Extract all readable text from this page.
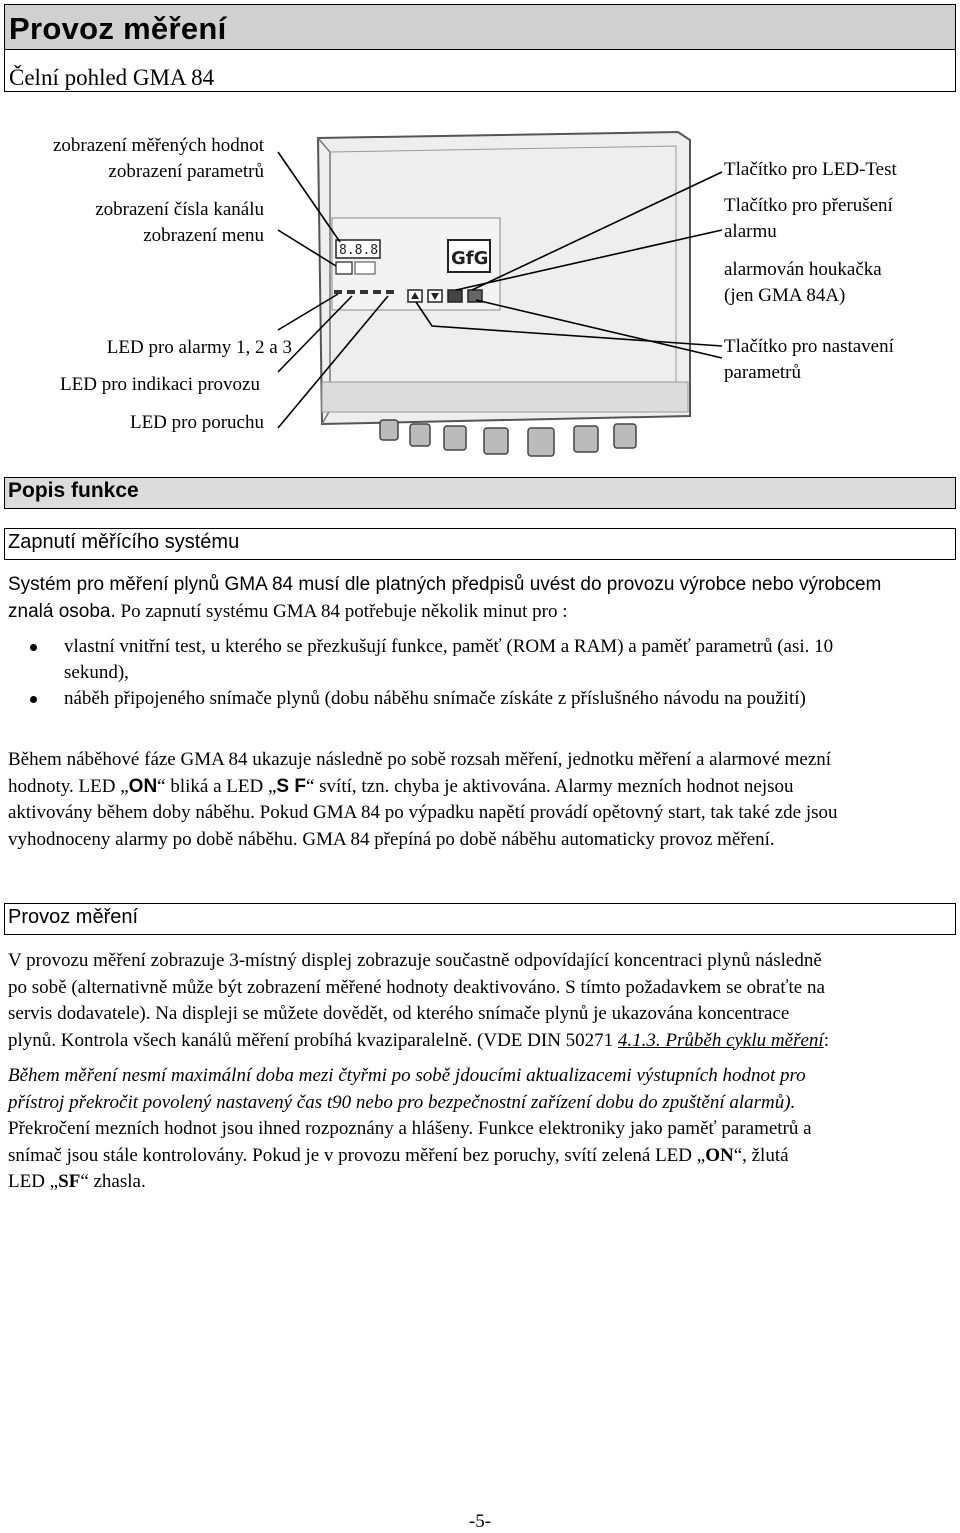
Provoz měření
Čelní pohled GMA 84
zobrazení měřených hodnot
zobrazení parametrů
zobrazení čísla kanálu
zobrazení menu
LED pro alarmy 1, 2 a 3
LED pro indikaci provozu
LED pro poruchu
Tlačítko pro LED-Test
Tlačítko pro přerušení
alarmu
alarmován houkačka
(jen GMA 84A)
Tlačítko pro nastavení
parametrů
8.8.8	GfG
Popis funkce
Zapnutí měřícího systému
Systém pro měření plynů GMA 84 musí dle platných předpisů uvést do provozu výrobce nebo výrobcem
znalá osoba. Po zapnutí systému GMA 84 potřebuje několik minut pro :
vlastní vnitřní test, u kterého se přezkušují funkce, paměť (ROM a RAM) a paměť parametrů (asi. 10
sekund),
náběh připojeného snímače plynů (dobu náběhu snímače získáte z příslušného návodu na použití)
Během náběhové fáze GMA 84 ukazuje následně po sobě rozsah měření, jednotku měření a alarmové mezní
hodnoty. LED „ON“ bliká a LED „S F“ svítí, tzn. chyba je aktivována. Alarmy mezních hodnot nejsou
aktivovány během doby náběhu. Pokud GMA 84 po výpadku napětí provádí opětovný start, tak také zde jsou
vyhodnoceny alarmy po době náběhu. GMA 84 přepíná po době náběhu automaticky provoz měření.
Provoz měření
V provozu měření zobrazuje 3-místný displej zobrazuje součastně odpovídající koncentraci plynů následně
po sobě (alternativně může být zobrazení měřené hodnoty deaktivováno. S tímto požadavkem se obraťte na
servis dodavatele). Na displeji se můžete dovědět, od kterého snímače plynů je ukazována koncentrace
plynů. Kontrola všech kanálů měření probíhá kvaziparalelně. (VDE DIN 50271 4.1.3. Průběh cyklu měření:
Během měření nesmí maximální doba mezi čtyřmi po sobě jdoucími aktualizacemi výstupních hodnot pro
přístroj překročit povolený nastavený čas t90 nebo pro bezpečnostní zařízení dobu do zpuštění alarmů).
Překročení mezních hodnot jsou ihned rozpoznány a hlášeny. Funkce elektroniky jako paměť parametrů a
snímač jsou stále kontrolovány. Pokud je v provozu měření bez poruchy, svítí zelená LED „ON“, žlutá
LED „SF“ zhasla.
-5-
